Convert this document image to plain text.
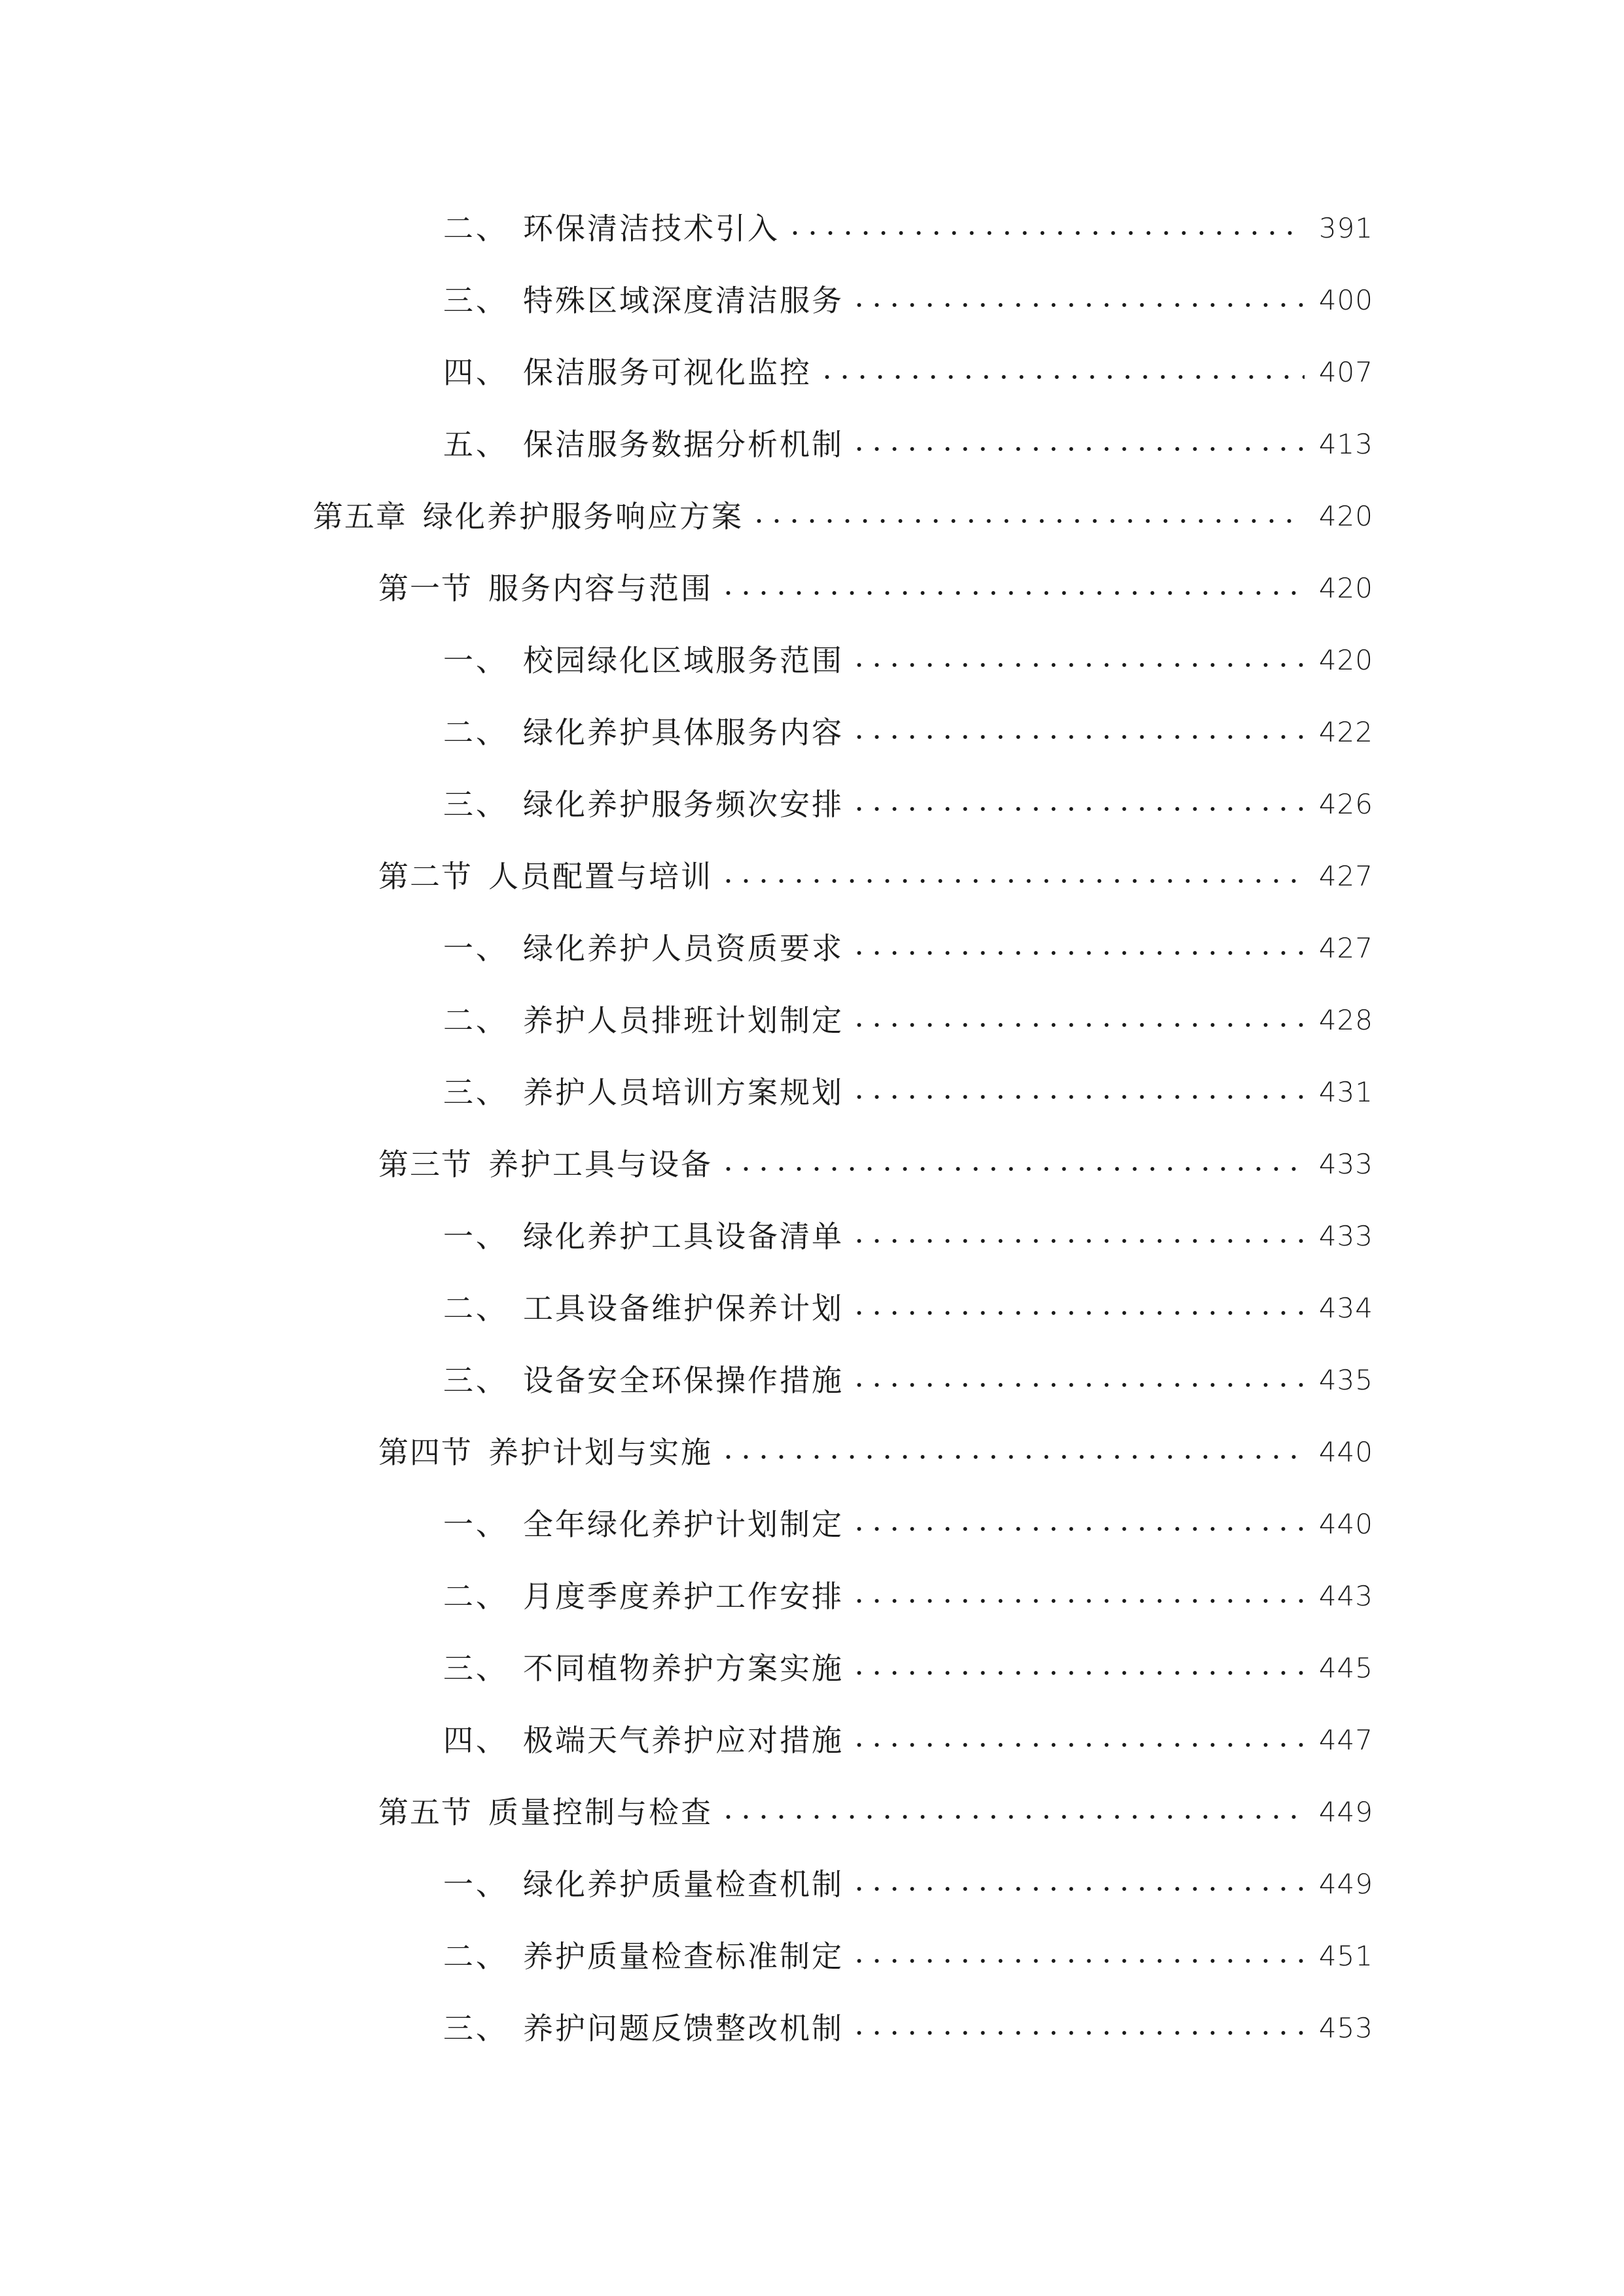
二、 环保清洁技术引入	391
三、 特殊区域深度清洁服务	400
四、 保洁服务可视化监控	407
五、 保洁服务数据分析机制	413
第五章 绿化养护服务响应方案	420
第一节 服务内容与范围	420
一、 校园绿化区域服务范围	420
二、 绿化养护具体服务内容	422
三、 绿化养护服务频次安排	426
第二节 人员配置与培训	427
一、 绿化养护人员资质要求	427
二、 养护人员排班计划制定	428
三、 养护人员培训方案规划	431
第三节 养护工具与设备	433
一、 绿化养护工具设备清单	433
二、 工具设备维护保养计划	434
三、 设备安全环保操作措施	435
第四节 养护计划与实施	440
一、 全年绿化养护计划制定	440
二、 月度季度养护工作安排	443
三、 不同植物养护方案实施	445
四、 极端天气养护应对措施	447
第五节 质量控制与检查	449
一、 绿化养护质量检查机制	449
二、 养护质量检查标准制定	451
三、 养护问题反馈整改机制	453
